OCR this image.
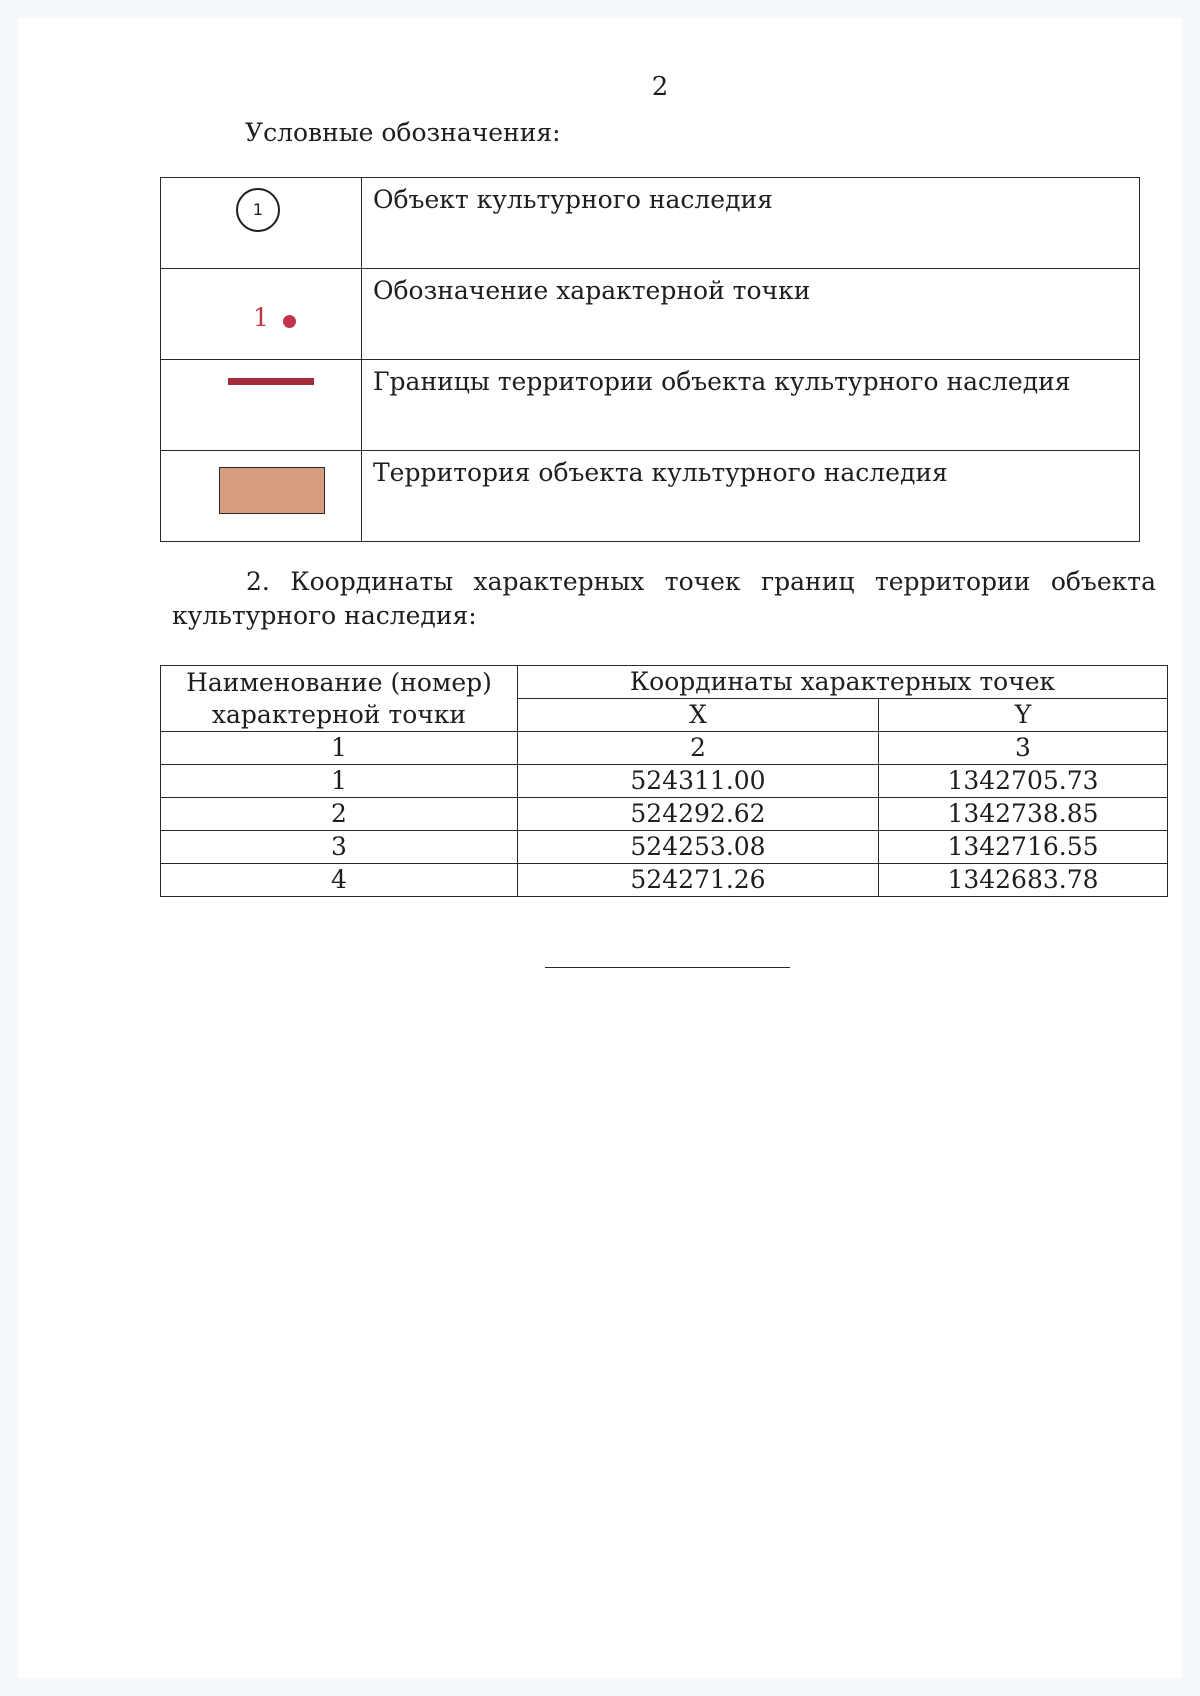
2
Условные обозначения:
1	Объект культурного наследия

1	Обозначение характерной точки

	Границы территории объекта культурного наследия

	Территория объекта культурного наследия
2. Координаты характерных точек границ территории объекта
культурного наследия:
Наименование (номер) характерной точки	Координаты характерных точек	
	X	Y
1	2	3
1	524311.00	1342705.73
2	524292.62	1342738.85
3	524253.08	1342716.55
4	524271.26	1342683.78
